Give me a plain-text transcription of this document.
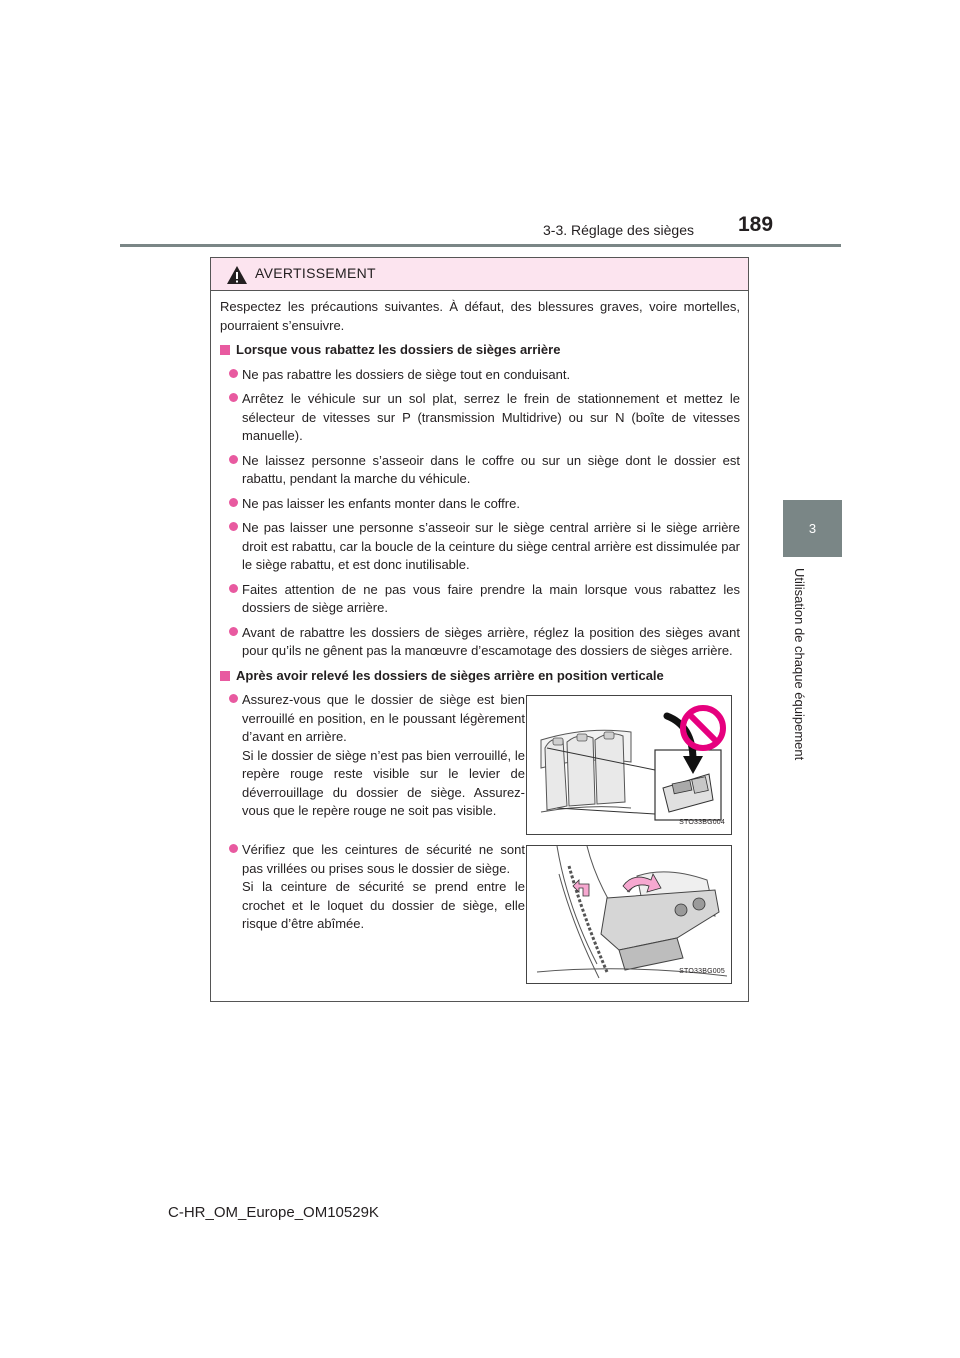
3-3. Réglage des sièges 189
3
Utilisation de chaque équipement
AVERTISSEMENT

Respectez les précautions suivantes. À défaut, des blessures graves, voire mortelles, pourraient s’ensuivre.

Lorsque vous rabattez les dossiers de sièges arrière
Ne pas rabattre les dossiers de siège tout en conduisant.
Arrêtez le véhicule sur un sol plat, serrez le frein de stationnement et mettez le sélecteur de vitesses sur P (transmission Multidrive) ou sur N (boîte de vitesses manuelle).
Ne laissez personne s’asseoir dans le coffre ou sur un siège dont le dossier est rabattu, pendant la marche du véhicule.
Ne pas laisser les enfants monter dans le coffre.
Ne pas laisser une personne s’asseoir sur le siège central arrière si le siège arrière droit est rabattu, car la boucle de la ceinture du siège central arrière est dissimulée par le siège rabattu, et est donc inutilisable.
Faites attention de ne pas vous faire prendre la main lorsque vous rabattez les dossiers de siège arrière.
Avant de rabattre les dossiers de sièges arrière, réglez la position des sièges avant pour qu’ils ne gênent pas la manœuvre d’escamotage des dossiers de sièges arrière.
Après avoir relevé les dossiers de sièges arrière en position verticale
Assurez-vous que le dossier de siège est bien verrouillé en position, en le poussant légèrement d’avant en arrière.
Si le dossier de siège n’est pas bien verrouillé, le repère rouge reste visible sur le levier de déverrouillage du dossier de siège. Assurez-vous que le repère rouge ne soit pas visible.
Vérifiez que les ceintures de sécurité ne sont pas vrillées ou prises sous le dossier de siège.
Si la ceinture de sécurité se prend entre le crochet et le loquet du dossier de siège, elle risque d’être abîmée.
STO33BG004
STO33BG005
C-HR_OM_Europe_OM10529K
